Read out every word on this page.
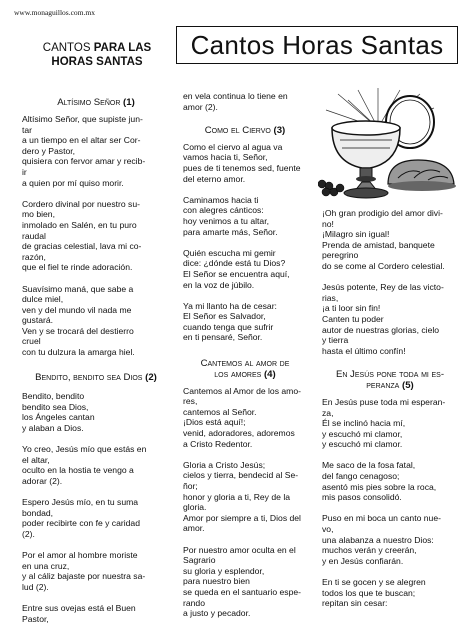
www.monaguillos.com.mx
CANTOS PARA LAS
HORAS SANTAS
Cantos Horas Santas
Altísimo Señor (1)

Altísimo Señor, que supiste jun-
tar
a un tiempo en el altar ser Cor-
dero y Pastor,
quisiera con fervor amar y recib-
ir
a quien por mí quiso morir.

Cordero divinal por nuestro su-
mo bien,
inmolado en Salén, en tu puro
raudal
de gracias celestial, lava mi co-
razón,
que el fiel te rinde adoración.

Suavísimo maná, que sabe a
dulce miel,
ven y del mundo vil nada me
gustará.
Ven y se trocará del destierro
cruel
con tu dulzura la amarga hiel.

Bendito, bendito sea Dios (2)

Bendito, bendito
bendito sea Dios,
los Ángeles cantan
y alaban a Dios.

Yo creo, Jesús mío que estás en
el altar,
oculto en la hostia te vengo a
adorar (2).

Espero Jesús mío, en tu suma
bondad,
poder recibirte con fe y caridad
(2).

Por el amor al hombre moriste
en una cruz,
y al cáliz bajaste por nuestra sa-
lud (2).

Entre sus ovejas está el Buen
Pastor,

en vela continua lo tiene en
amor (2).

Como el Ciervo (3)

Como el ciervo al agua va
vamos hacia ti, Señor,
pues de ti tenemos sed, fuente
del eterno amor.

Caminamos hacia ti
con alegres cánticos:
hoy venimos a tu altar,
para amarte más, Señor.

Quién escucha mi gemir
dice: ¿dónde está tu Dios?
El Señor se encuentra aquí,
en la voz de júbilo.

Ya mi llanto ha de cesar:
El Señor es Salvador,
cuando tenga que sufrir
en ti pensaré, Señor.

Cantemos al amor de
los amores (4)

Cantemos al Amor de los amo-
res,
cantemos al Señor.
¡Dios está aquí!;
venid, adoradores, adoremos
a Cristo Redentor.

Gloria a Cristo Jesús;
cielos y tierra, bendecid al Se-
ñor;
honor y gloria a ti, Rey de la
gloria.
Amor por siempre a ti, Dios del
amor.

Por nuestro amor oculta en el
Sagrario
su gloria y esplendor,
para nuestro bien
se queda en el santuario espe-
rando
a justo y pecador.

¡Oh gran prodigio del amor divi-
no!
¡Milagro sin igual!
Prenda de amistad, banquete
peregrino
do se come al Cordero celestial.

Jesús potente, Rey de las victo-
rias,
¡a ti loor sin fin!
Canten tu poder
autor de nuestras glorias, cielo
y tierra
hasta el último confín!

En Jesús pone toda mi es-
peranza (5)

En Jesús puse toda mi esperan-
za,
Él se inclinó hacia mí,
y escuchó mi clamor,
y escuchó mi clamor.

Me saco de la fosa fatal,
del fango cenagoso;
asentó mis pies sobre la roca,
mis pasos consolidó.

Puso en mi boca un canto nue-
vo,
una alabanza a nuestro Dios:
muchos verán y creerán,
y en Jesús confiarán.

En ti se gocen y se alegren
todos los que te buscan;
repitan sin cesar:
